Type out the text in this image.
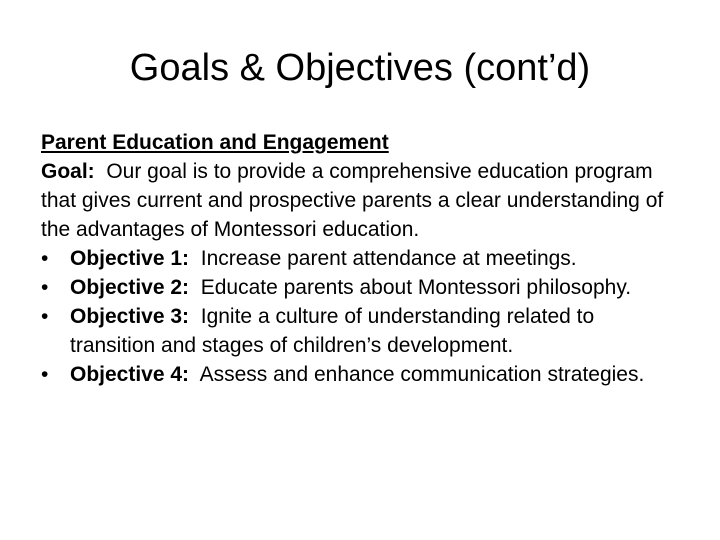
Goals & Objectives (cont’d)

Parent Education and Engagement

Goal: Our goal is to provide a comprehensive education program that gives current and prospective parents a clear understanding of the advantages of Montessori education.

•	Objective 1: Increase parent attendance at meetings.
•	Objective 2: Educate parents about Montessori philosophy.
•	Objective 3: Ignite a culture of understanding related to transition and stages of children’s development.
•	Objective 4: Assess and enhance communication strategies.
